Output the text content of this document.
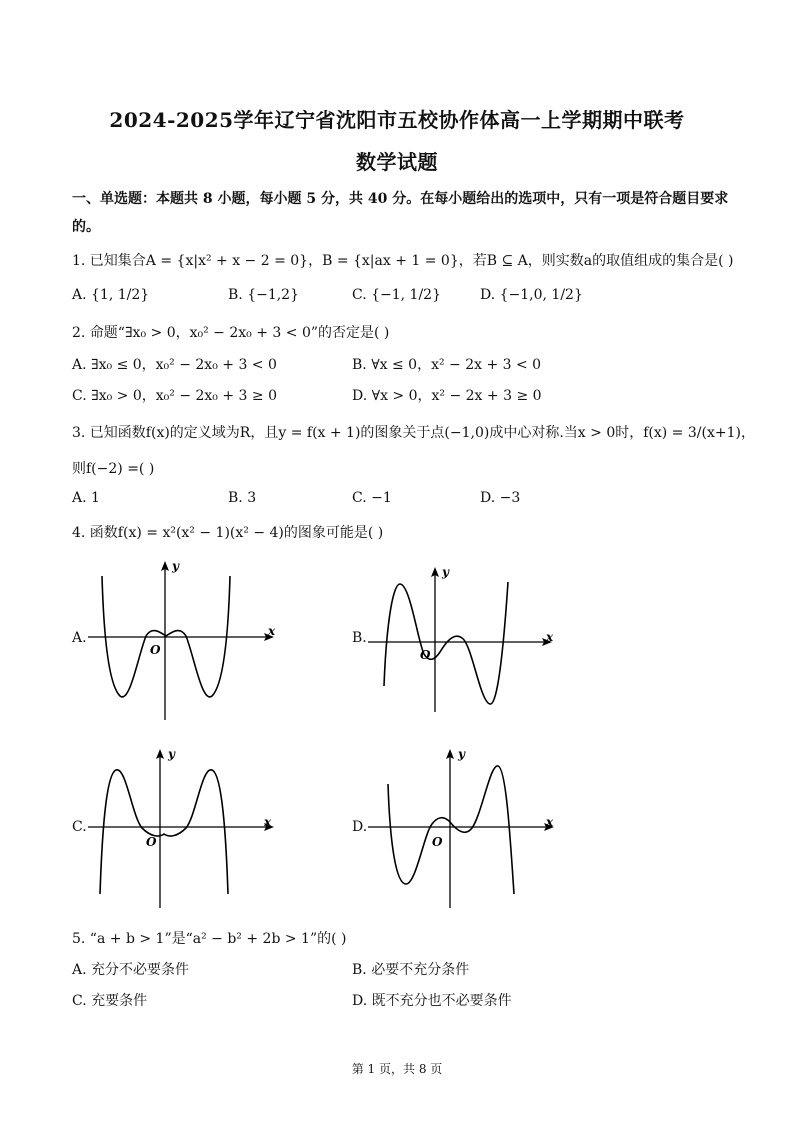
2024-2025学年辽宁省沈阳市五校协作体高一上学期期中联考
数学试题
一、单选题：本题共 8 小题，每小题 5 分，共 40 分。在每小题给出的选项中，只有一项是符合题目要求
的。
1. 已知集合A = {x|x² + x − 2 = 0}，B = {x|ax + 1 = 0}，若B ⊆ A，则实数a的取值组成的集合是( )
A. {1, 1/2}	B. {−1,2}	C. {−1, 1/2}	D. {−1,0, 1/2}
2. 命题“∃x₀ > 0，x₀² − 2x₀ + 3 < 0”的否定是( )
A. ∃x₀ ≤ 0，x₀² − 2x₀ + 3 < 0	B. ∀x ≤ 0，x² − 2x + 3 < 0
C. ∃x₀ > 0，x₀² − 2x₀ + 3 ≥ 0	D. ∀x > 0，x² − 2x + 3 ≥ 0
3. 已知函数f(x)的定义域为R，且y = f(x + 1)的图象关于点(−1,0)成中心对称.当x > 0时，f(x) = 3/(x+1)，
则f(−2) =( )
A. 1	B. 3	C. −1	D. −3
4. 函数f(x) = x²(x² − 1)(x² − 4)的图象可能是( )
A.	B.
C.	D.
y
x
O
y
x
O
y
x
O
y
x
O
5. “a + b > 1”是“a² − b² + 2b > 1”的( )
A. 充分不必要条件	B. 必要不充分条件
C. 充要条件	D. 既不充分也不必要条件
第 1 页，共 8 页
